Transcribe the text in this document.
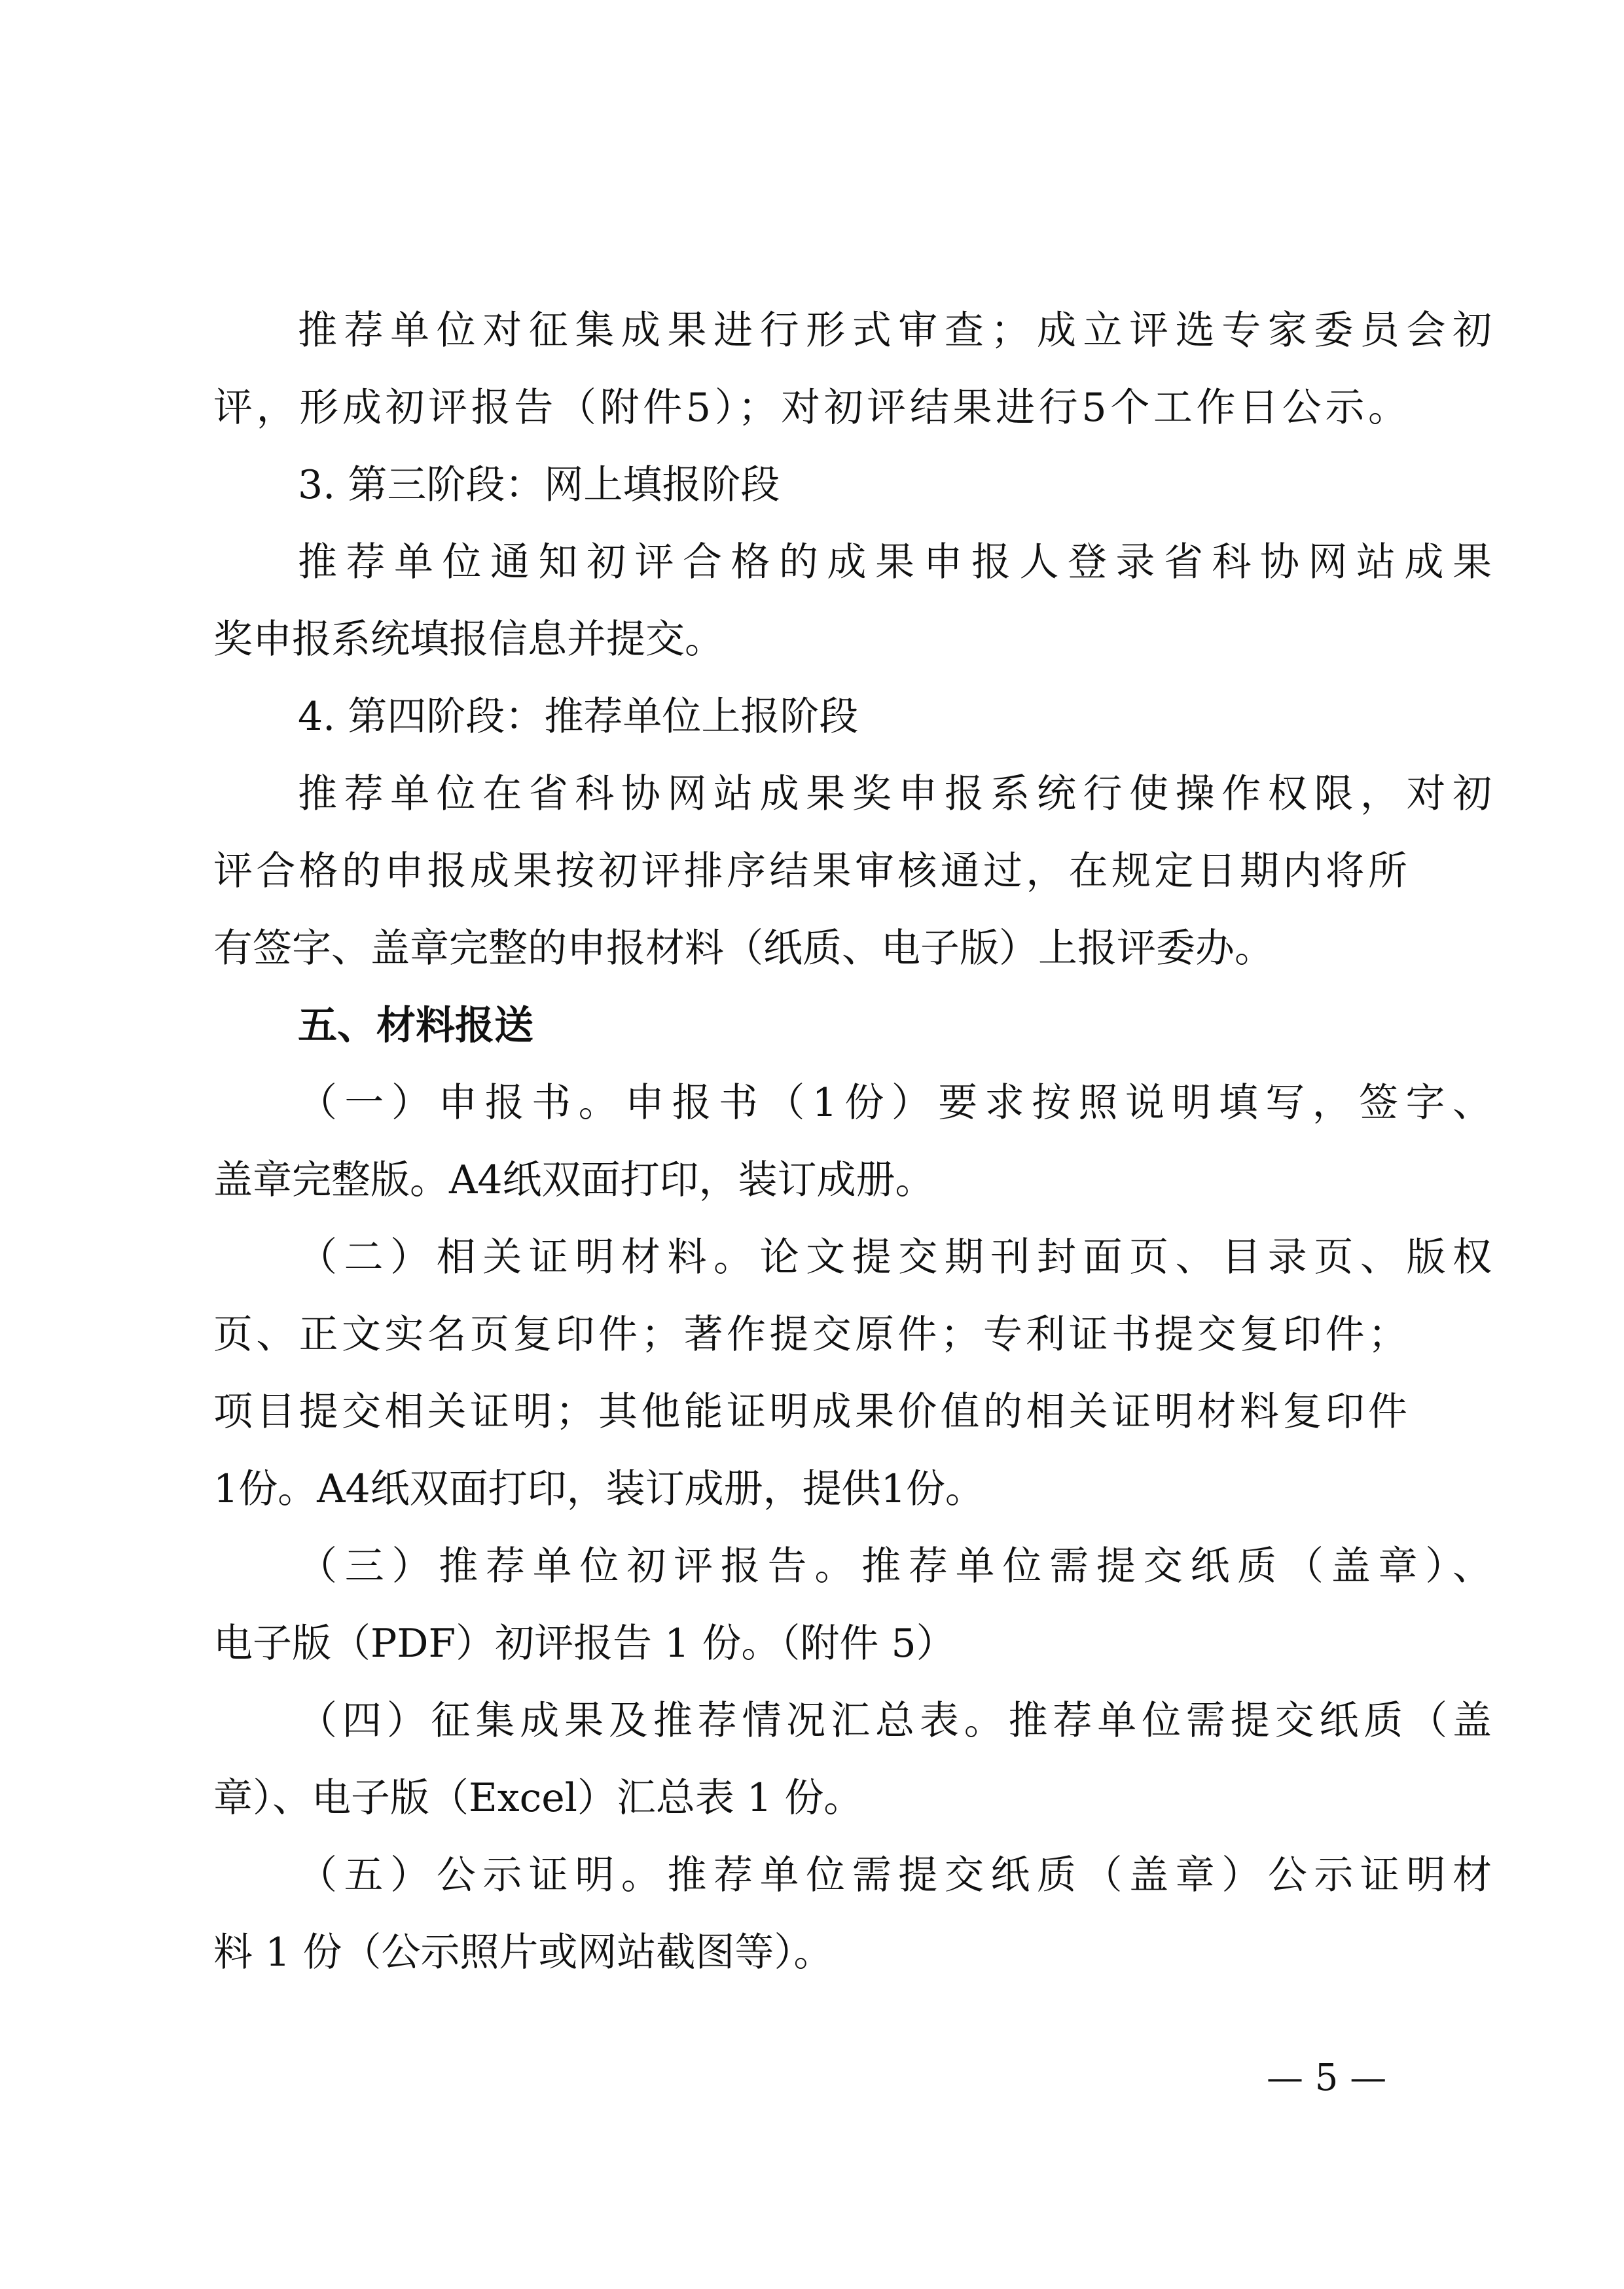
推荐单位对征集成果进行形式审查；成立评选专家委员会初

评，形成初评报告（附件5）；对初评结果进行5个工作日公示。

3. 第三阶段：网上填报阶段

推荐单位通知初评合格的成果申报人登录省科协网站成果

奖申报系统填报信息并提交。

4. 第四阶段：推荐单位上报阶段

推荐单位在省科协网站成果奖申报系统行使操作权限，对初

评合格的申报成果按初评排序结果审核通过，在规定日期内将所

有签字、盖章完整的申报材料（纸质、电子版）上报评委办。

五、材料报送

（一）申报书。申报书（1份）要求按照说明填写，签字、

盖章完整版。A4纸双面打印，装订成册。

（二）相关证明材料。论文提交期刊封面页、目录页、版权

页、正文实名页复印件；著作提交原件；专利证书提交复印件；

项目提交相关证明；其他能证明成果价值的相关证明材料复印件

1份。A4纸双面打印，装订成册，提供1份。

（三）推荐单位初评报告。推荐单位需提交纸质（盖章）、

电子版（PDF）初评报告 1 份。（附件 5）

（四）征集成果及推荐情况汇总表。推荐单位需提交纸质（盖

章）、电子版（Excel）汇总表 1 份。

（五）公示证明。推荐单位需提交纸质（盖章）公示证明材

料 1 份（公示照片或网站截图等）。

— 5 —
